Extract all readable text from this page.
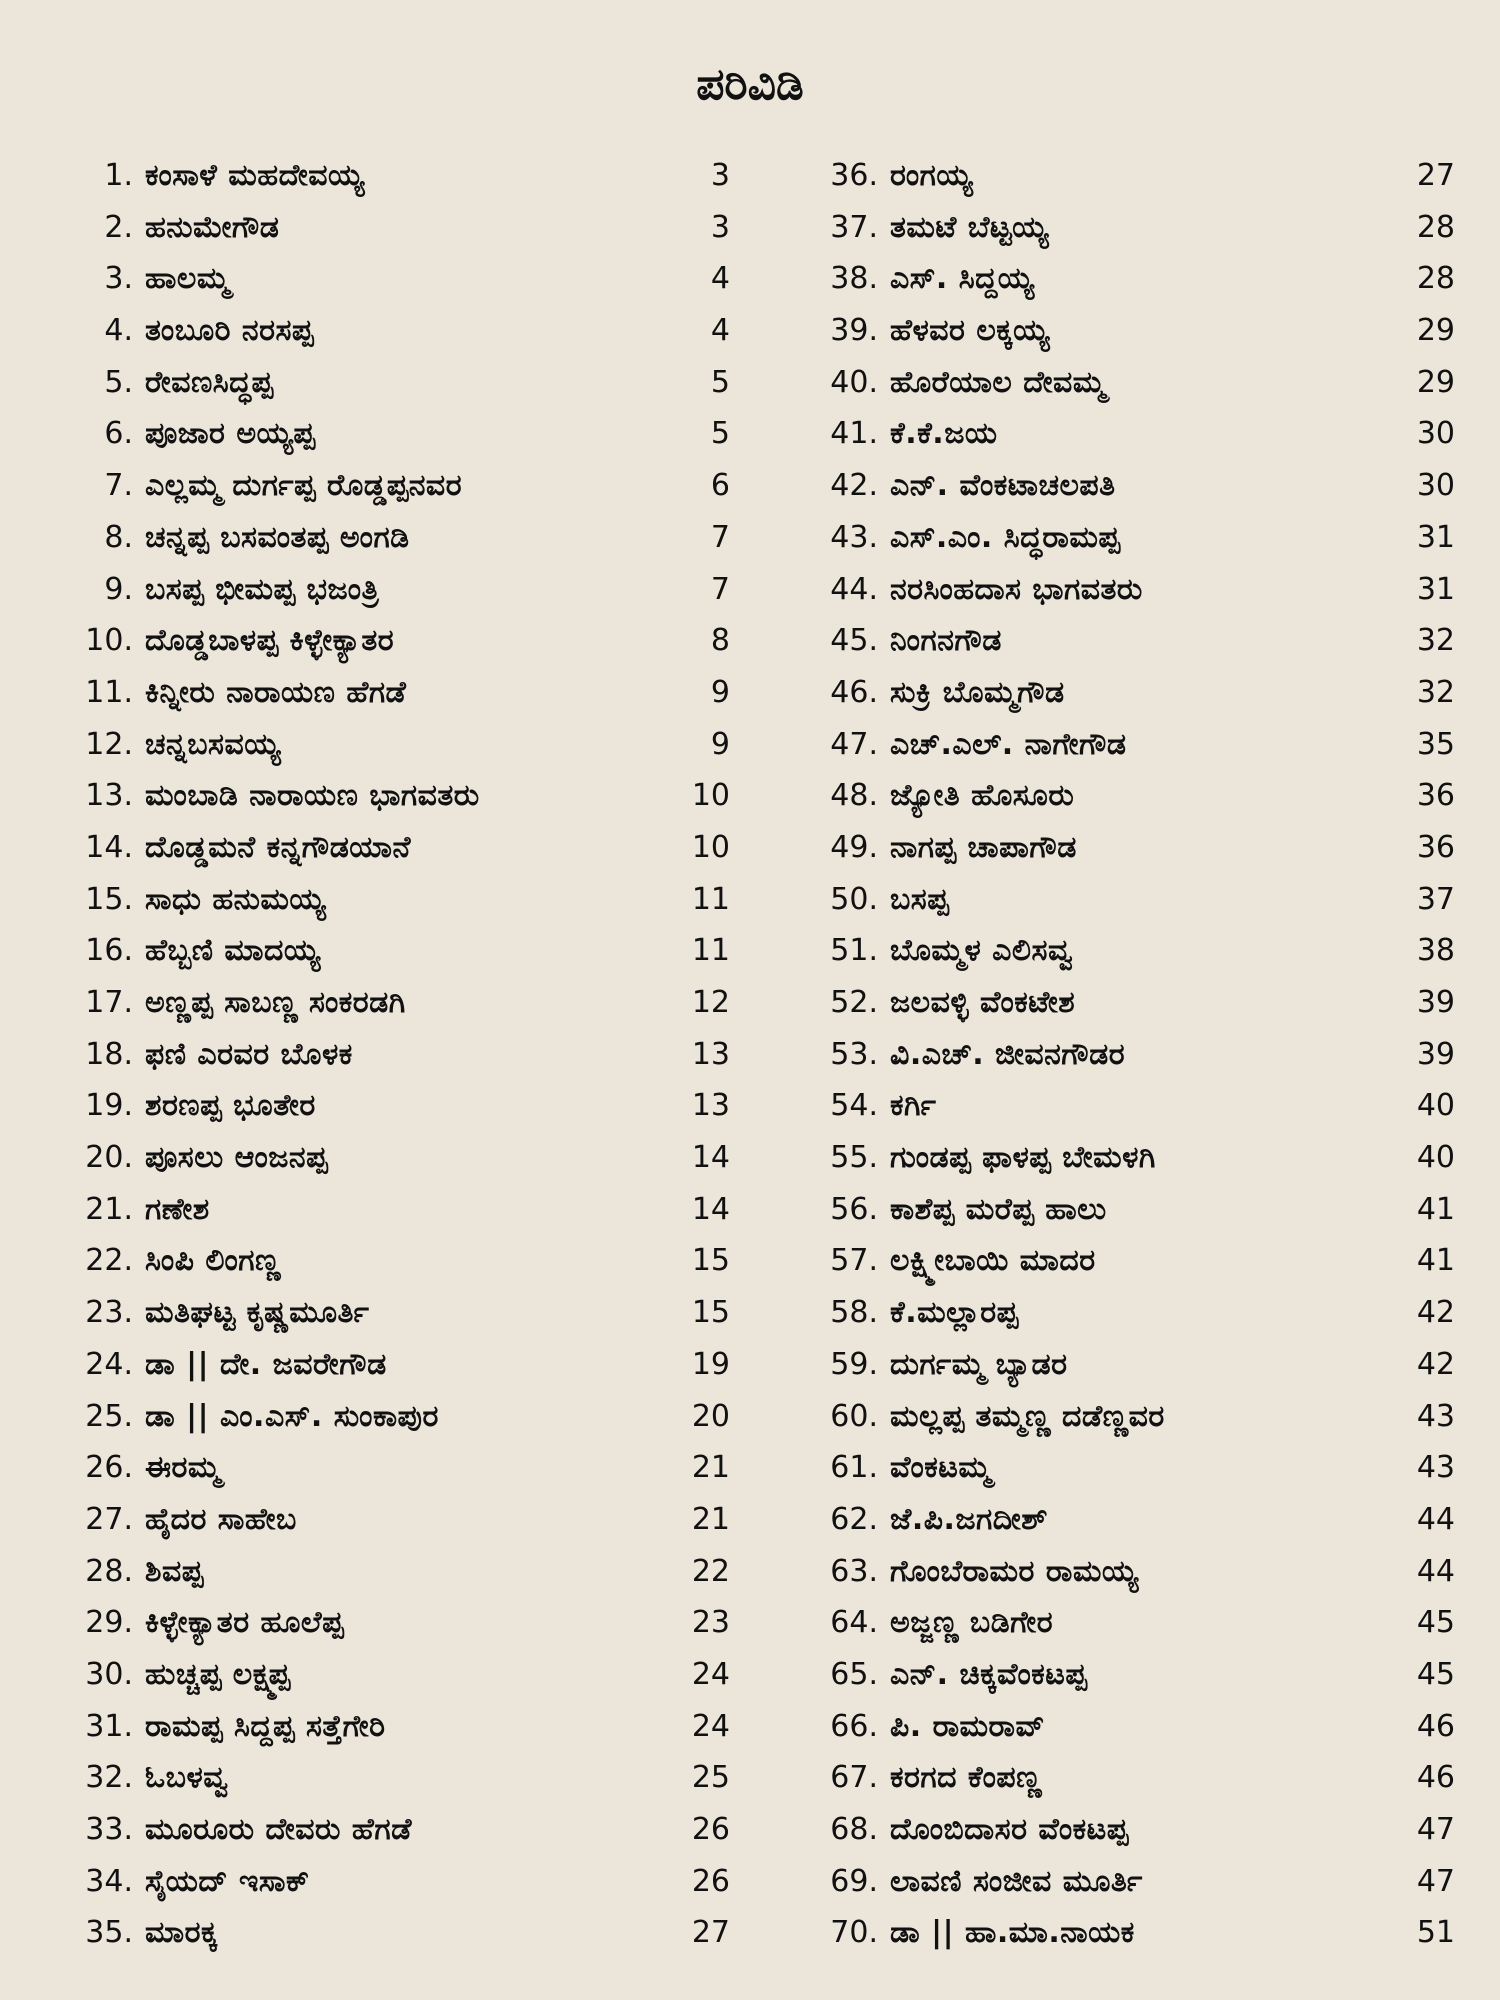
ಪರಿವಿಡಿ
1. ಕಂಸಾಳೆ ಮಹದೇವಯ್ಯ	3
2. ಹನುಮೇಗೌಡ	3
3. ಹಾಲಮ್ಮ	4
4. ತಂಬೂರಿ ನರಸಪ್ಪ	4
5. ರೇವಣಸಿದ್ಧಪ್ಪ	5
6. ಪೂಜಾರ ಅಯ್ಯಪ್ಪ	5
7. ಎಲ್ಲಮ್ಮ ದುರ್ಗಪ್ಪ ರೊಡ್ಡಪ್ಪನವರ	6
8. ಚನ್ನಪ್ಪ ಬಸವಂತಪ್ಪ ಅಂಗಡಿ	7
9. ಬಸಪ್ಪ ಭೀಮಪ್ಪ ಭಜಂತ್ರಿ	7
10. ದೊಡ್ಡಬಾಳಪ್ಪ ಕಿಳ್ಳೇಕ್ಯಾತರ	8
11. ಕಿನ್ನೀರು ನಾರಾಯಣ ಹೆಗಡೆ	9
12. ಚನ್ನಬಸವಯ್ಯ	9
13. ಮಂಬಾಡಿ ನಾರಾಯಣ ಭಾಗವತರು	10
14. ದೊಡ್ಡಮನೆ ಕನ್ನಗೌಡಯಾನೆ	10
15. ಸಾಧು ಹನುಮಯ್ಯ	11
16. ಹೆಬ್ಬಣಿ ಮಾದಯ್ಯ	11
17. ಅಣ್ಣಪ್ಪ ಸಾಬಣ್ಣ ಸಂಕರಡಗಿ	12
18. ಫಣಿ ಎರವರ ಬೊಳಕ	13
19. ಶರಣಪ್ಪ ಭೂತೇರ	13
20. ಪೂಸಲು ಆಂಜನಪ್ಪ	14
21. ಗಣೇಶ	14
22. ಸಿಂಪಿ ಲಿಂಗಣ್ಣ	15
23. ಮತಿಘಟ್ಟ ಕೃಷ್ಣಮೂರ್ತಿ	15
24. ಡಾ || ದೇ. ಜವರೇಗೌಡ	19
25. ಡಾ || ಎಂ.ಎಸ್. ಸುಂಕಾಪುರ	20
26. ಈರಮ್ಮ	21
27. ಹೈದರ ಸಾಹೇಬ	21
28. ಶಿವಪ್ಪ	22
29. ಕಿಳ್ಳೇಕ್ಯಾತರ ಹೂಲೆಪ್ಪ	23
30. ಹುಚ್ಚಪ್ಪ ಲಕ್ಷ್ಮಪ್ಪ	24
31. ರಾಮಪ್ಪ ಸಿದ್ದಪ್ಪ ಸತ್ತೆಗೇರಿ	24
32. ಓಬಳವ್ವ	25
33. ಮೂರೂರು ದೇವರು ಹೆಗಡೆ	26
34. ಸೈಯದ್ ಇಸಾಕ್	26
35. ಮಾರಕ್ಕ	27
36. ರಂಗಯ್ಯ	27
37. ತಮಟೆ ಬೆಟ್ಟಯ್ಯ	28
38. ಎಸ್. ಸಿದ್ದಯ್ಯ	28
39. ಹೆಳವರ ಲಕ್ಕಯ್ಯ	29
40. ಹೊರೆಯಾಲ ದೇವಮ್ಮ	29
41. ಕೆ.ಕೆ.ಜಯ	30
42. ಎನ್. ವೆಂಕಟಾಚಲಪತಿ	30
43. ಎಸ್.ಎಂ. ಸಿದ್ಧರಾಮಪ್ಪ	31
44. ನರಸಿಂಹದಾಸ ಭಾಗವತರು	31
45. ನಿಂಗನಗೌಡ	32
46. ಸುಕ್ರಿ ಬೊಮ್ಮಗೌಡ	32
47. ಎಚ್.ಎಲ್. ನಾಗೇಗೌಡ	35
48. ಜ್ಯೋತಿ ಹೊಸೂರು	36
49. ನಾಗಪ್ಪ ಚಾಪಾಗೌಡ	36
50. ಬಸಪ್ಪ	37
51. ಬೊಮ್ಮಳ ಎಲಿಸವ್ವ	38
52. ಜಲವಳ್ಳಿ ವೆಂಕಟೇಶ	39
53. ವಿ.ಎಚ್. ಜೀವನಗೌಡರ	39
54. ಕರ್ಗಿ	40
55. ಗುಂಡಪ್ಪ ಫಾಳಪ್ಪ ಬೇಮಳಗಿ	40
56. ಕಾಶೆಪ್ಪ ಮರೆಪ್ಪ ಹಾಲು	41
57. ಲಕ್ಷ್ಮೀಬಾಯಿ ಮಾದರ	41
58. ಕೆ.ಮಲ್ಲಾರಪ್ಪ	42
59. ದುರ್ಗಮ್ಮ ಬ್ಯಾಡರ	42
60. ಮಲ್ಲಪ್ಪ ತಮ್ಮಣ್ಣ ದಡೆಣ್ಣವರ	43
61. ವೆಂಕಟಮ್ಮ	43
62. ಜೆ.ಪಿ.ಜಗದೀಶ್	44
63. ಗೊಂಬೆರಾಮರ ರಾಮಯ್ಯ	44
64. ಅಜ್ಜಣ್ಣ ಬಡಿಗೇರ	45
65. ಎನ್. ಚಿಕ್ಕವೆಂಕಟಪ್ಪ	45
66. ಪಿ. ರಾಮರಾವ್	46
67. ಕರಗದ ಕೆಂಪಣ್ಣ	46
68. ದೊಂಬಿದಾಸರ ವೆಂಕಟಪ್ಪ	47
69. ಲಾವಣಿ ಸಂಜೀವ ಮೂರ್ತಿ	47
70. ಡಾ || ಹಾ.ಮಾ.ನಾಯಕ	51
